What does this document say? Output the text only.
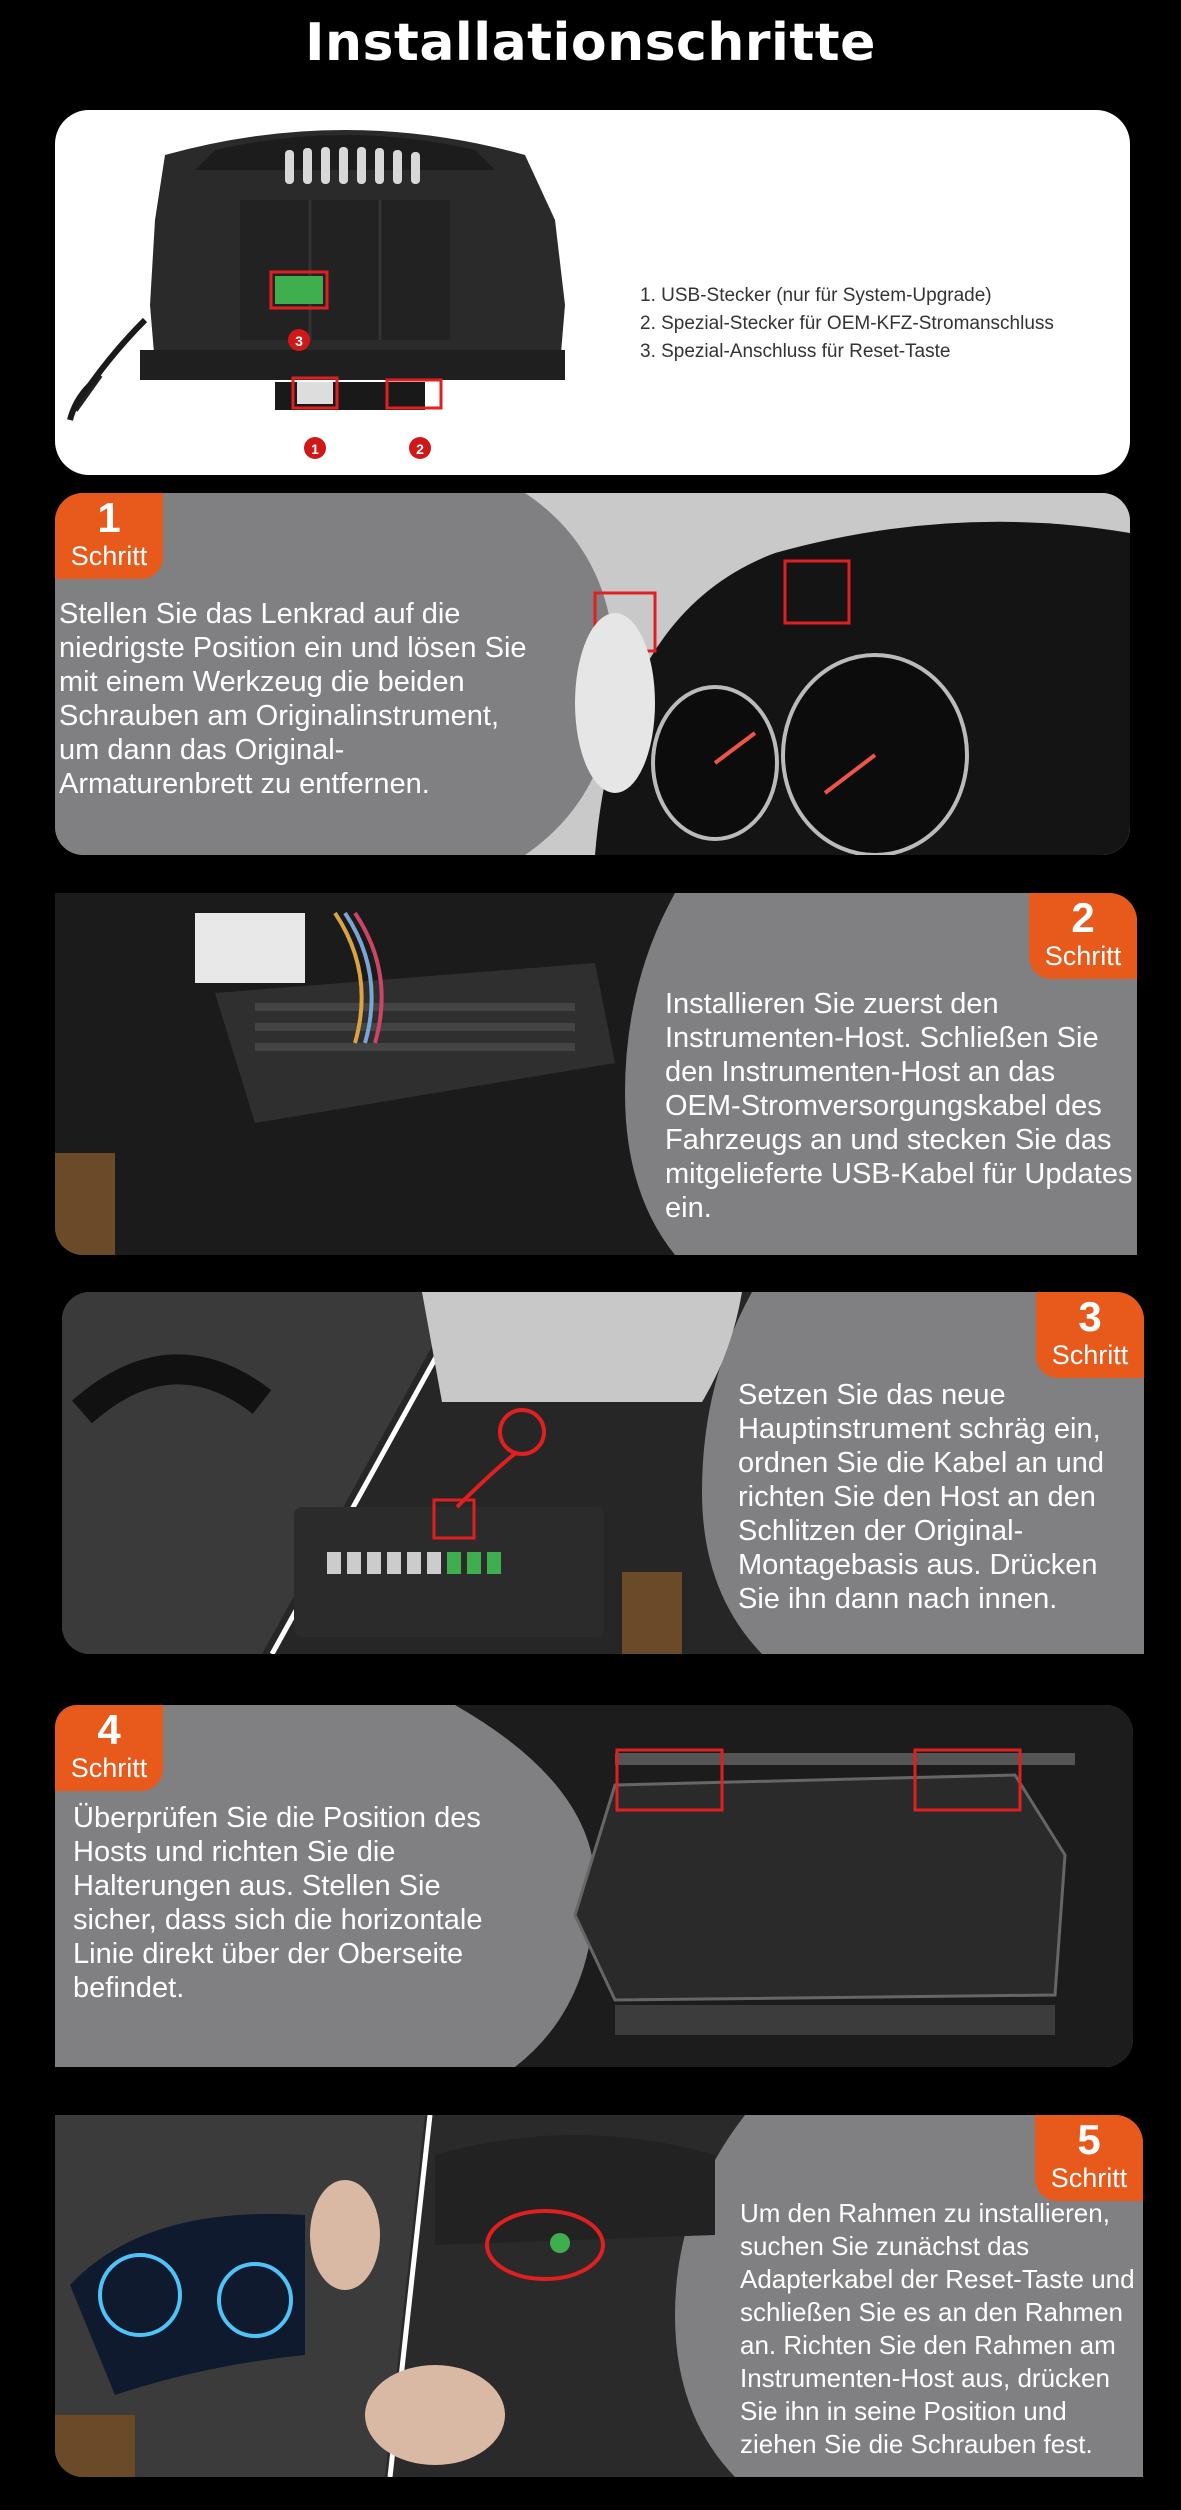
Installationschritte
3
1	2
1. USB-Stecker (nur für System-Upgrade)
2. Spezial-Stecker für OEM-KFZ-Stromanschluss
3. Spezial-Anschluss für Reset-Taste
1
Schritt
Stellen Sie das Lenkrad auf die niedrigste Position ein und lösen Sie mit einem Werkzeug die beiden Schrauben am Originalinstrument, um dann das Original-Armaturenbrett zu entfernen.
2
Schritt
Installieren Sie zuerst den Instrumenten-Host. Schließen Sie den Instrumenten-Host an das OEM-Stromversorgungskabel des Fahrzeugs an und stecken Sie das mitgelieferte USB-Kabel für Updates ein.
3
Schritt
Setzen Sie das neue Hauptinstrument schräg ein, ordnen Sie die Kabel an und richten Sie den Host an den Schlitzen der Original-Montagebasis aus. Drücken Sie ihn dann nach innen.
4
Schritt
Überprüfen Sie die Position des Hosts und richten Sie die Halterungen aus. Stellen Sie sicher, dass sich die horizontale Linie direkt über der Oberseite befindet.
5
Schritt
Um den Rahmen zu installieren, suchen Sie zunächst das Adapterkabel der Reset-Taste und schließen Sie es an den Rahmen an. Richten Sie den Rahmen am Instrumenten-Host aus, drücken Sie ihn in seine Position und ziehen Sie die Schrauben fest.
